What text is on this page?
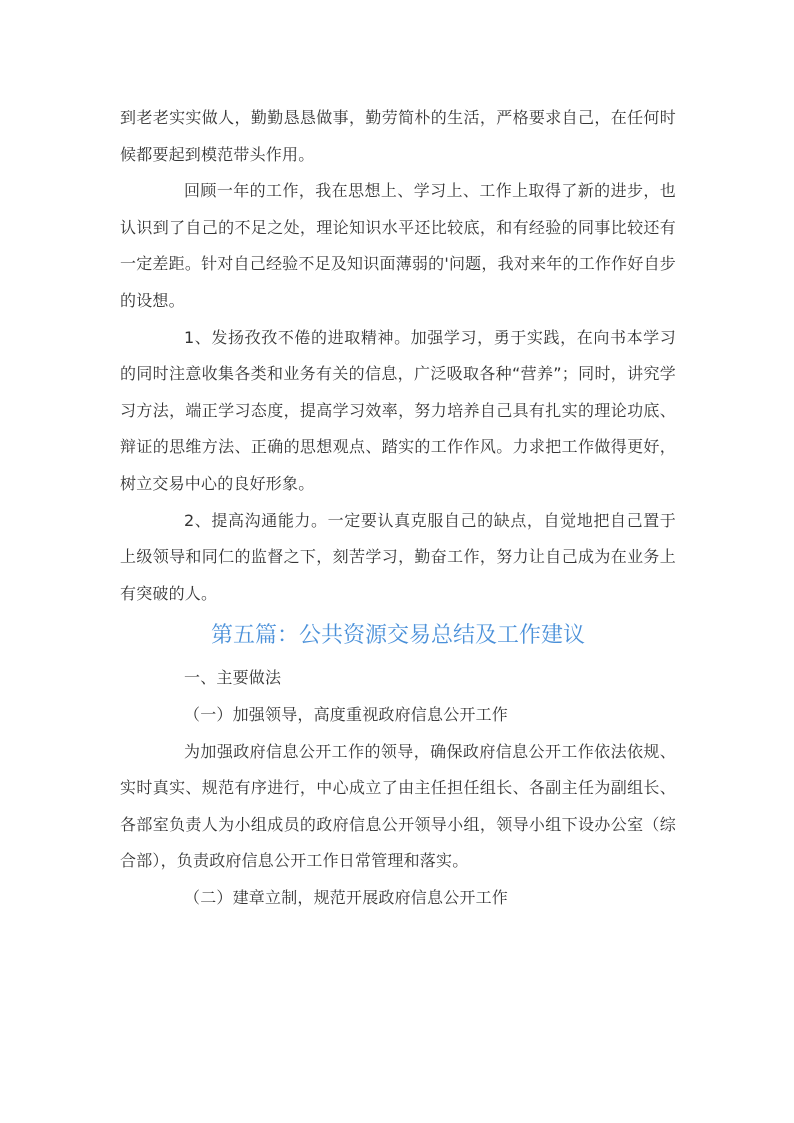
到老老实实做人，勤勤恳恳做事，勤劳简朴的生活，严格要求自己，在任何时候都要起到模范带头作用。

回顾一年的工作，我在思想上、学习上、工作上取得了新的进步，也认识到了自己的不足之处，理论知识水平还比较底，和有经验的同事比较还有一定差距。针对自己经验不足及知识面薄弱的'问题，我对来年的工作作好自步的设想。

1、发扬孜孜不倦的进取精神。加强学习，勇于实践，在向书本学习的同时注意收集各类和业务有关的信息，广泛吸取各种“营养”；同时，讲究学习方法，端正学习态度，提高学习效率，努力培养自己具有扎实的理论功底、辩证的思维方法、正确的思想观点、踏实的工作作风。力求把工作做得更好，树立交易中心的良好形象。

2、提高沟通能力。一定要认真克服自己的缺点，自觉地把自己置于上级领导和同仁的监督之下，刻苦学习，勤奋工作，努力让自己成为在业务上有突破的人。

第五篇：公共资源交易总结及工作建议

一、主要做法

（一）加强领导，高度重视政府信息公开工作

为加强政府信息公开工作的领导，确保政府信息公开工作依法依规、实时真实、规范有序进行，中心成立了由主任担任组长、各副主任为副组长、各部室负责人为小组成员的政府信息公开领导小组，领导小组下设办公室（综合部），负责政府信息公开工作日常管理和落实。

（二）建章立制，规范开展政府信息公开工作
